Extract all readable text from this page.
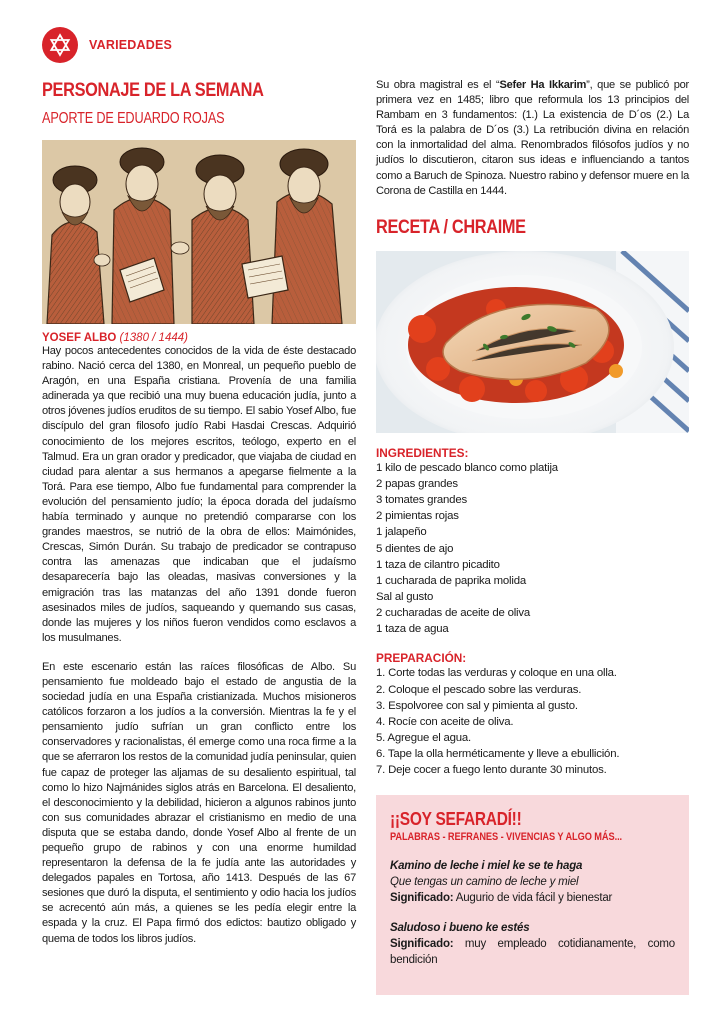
VARIEDADES
PERSONAJE DE LA SEMANA
APORTE DE EDUARDO ROJAS
YOSEF ALBO (1380 / 1444)
Hay pocos antecedentes conocidos de la vida de éste destacado rabino. Nació cerca del 1380, en Monreal, un pequeño pueblo de Aragón, en una España cristiana. Provenía de una familia adinerada ya que recibió una muy buena educación judía, junto a otros jóvenes judíos eruditos de su tiempo. El sabio Yosef Albo, fue discípulo del gran filosofo judío Rabi Hasdai Crescas. Adquirió conocimiento de los mejores escritos, teólogo, experto en el Talmud. Era un gran orador y predicador, que viajaba de ciudad en ciudad para alentar a sus hermanos a apegarse fielmente a la Torá. Para ese tiempo, Albo fue fundamental para comprender la evolución del pensamiento judío; la época dorada del judaísmo había terminado y aunque no pretendió compararse con los grandes maestros, se nutrió de la obra de ellos: Maimónides, Crescas, Simón Durán. Su trabajo de predicador se contrapuso contra las amenazas que indicaban que el judaísmo desaparecería bajo las oleadas, masivas conversiones y la emigración tras las matanzas del año 1391 donde fueron asesinados miles de judíos, saqueando y quemando sus casas, donde las mujeres y los niños fueron vendidos como esclavos a los musulmanes.
En este escenario están las raíces filosóficas de Albo. Su pensamiento fue moldeado bajo el estado de angustia de la sociedad judía en una España cristianizada. Muchos misioneros católicos forzaron a los judíos a la conversión. Mientras la fe y el pensamiento judío sufrían un gran conflicto entre los conservadores y racionalistas, él emerge como una roca firme a la que se aferraron los restos de la comunidad judía peninsular, quien fue capaz de proteger las aljamas de su desaliento espiritual, tal como lo hizo Najmánides siglos atrás en Barcelona. El desaliento, el desconocimiento y la debilidad, hicieron a algunos rabinos junto con sus comunidades abrazar el cristianismo en medio de una disputa que se estaba dando, donde Yosef Albo al frente de un pequeño grupo de rabinos y con una enorme humildad representaron la defensa de la fe judía ante las autoridades y delegados papales en Tortosa, año 1413. Después de las 67 sesiones que duró la disputa, el sentimiento y odio hacia los judíos se acrecentó aún más, a quienes se les pedía elegir entre la espada y la cruz. El Papa firmó dos edictos: bautizo obligado y quema de todos los libros judíos.
Su obra magistral es el “Sefer Ha Ikkarim”, que se publicó por primera vez en 1485; libro que reformula los 13 principios del Rambam en 3 fundamentos: (1.) La existencia de D´os (2.) La Torá es la palabra de D´os (3.) La retribución divina en relación con la inmortalidad del alma. Renombrados filósofos judíos y no judíos lo discutieron, citaron sus ideas e influenciando a tantos como a Baruch de Spinoza. Nuestro rabino y defensor muere en la Corona de Castilla en 1444.
RECETA / CHRAIME
INGREDIENTES:
1 kilo de pescado blanco como platija
2 papas grandes
3 tomates grandes
2 pimientas rojas
1 jalapeño
5 dientes de ajo
1 taza de cilantro picadito
1 cucharada de paprika molida
Sal al gusto
2 cucharadas de aceite de oliva
1 taza de agua
PREPARACIÓN:
1. Corte todas las verduras y coloque en una olla.
2. Coloque el pescado sobre las verduras.
3. Espolvoree con sal y pimienta al gusto.
4. Rocíe con aceite de oliva.
5. Agregue el agua.
6. Tape la olla herméticamente y lleve a ebullición.
7. Deje cocer a fuego lento durante 30 minutos.
¡¡SOY SEFARADÍ!!
PALABRAS - REFRANES - VIVENCIAS Y ALGO MÁS...
Kamino de leche i miel ke se te haga
Que tengas un camino de leche y miel
Significado: Augurio de vida fácil y bienestar
Saludoso i bueno ke estés
Significado: muy empleado cotidianamente, como bendición
